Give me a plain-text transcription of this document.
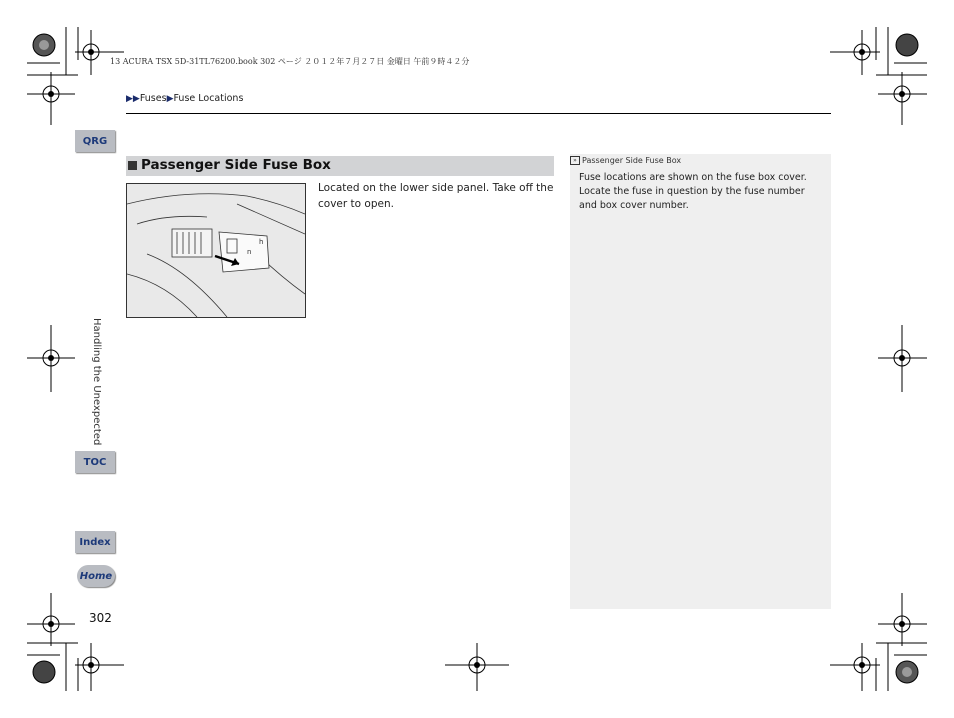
13 ACURA TSX 5D-31TL76200.book 302 ページ ２０１２年７月２７日 金曜日 午前９時４２分
▶▶Fuses▶Fuse Locations
QRG
Handling the Unexpected
TOC
Index
Home
302
Passenger Side Fuse Box
n
h
Located on the lower side panel. Take off the cover to open.
» Passenger Side Fuse Box
Fuse locations are shown on the fuse box cover. Locate the fuse in question by the fuse number and box cover number.
